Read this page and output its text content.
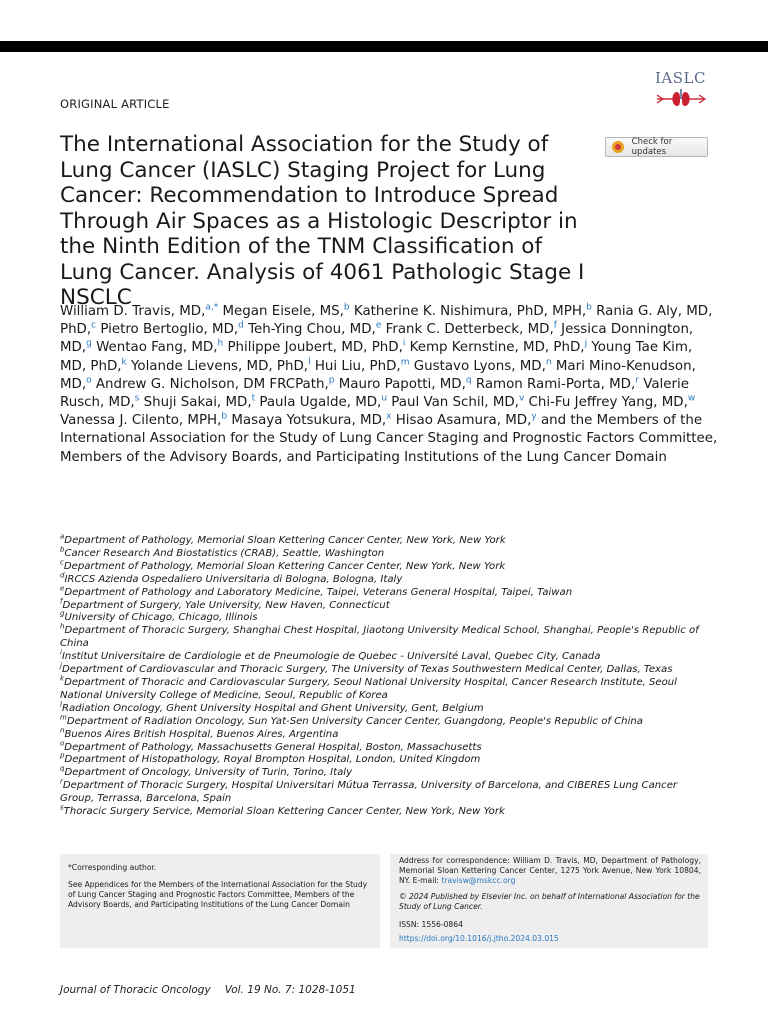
ORIGINAL ARTICLE
IASLC
The International Association for the Study of Lung Cancer (IASLC) Staging Project for Lung Cancer: Recommendation to Introduce Spread Through Air Spaces as a Histologic Descriptor in the Ninth Edition of the TNM Classification of Lung Cancer. Analysis of 4061 Pathologic Stage I NSCLC
Check for updates
William D. Travis, MD,$^{a,*}$ Megan Eisele, MS,$^b$ Katherine K. Nishimura, PhD, MPH,$^b$ Rania G. Aly, MD, PhD,$^c$ Pietro Bertoglio, MD,$^d$ Teh-Ying Chou, MD,$^e$ Frank C. Detterbeck, MD,$^f$ Jessica Donnington, MD,$^g$ Wentao Fang, MD,$^h$ Philippe Joubert, MD, PhD,$^i$ Kemp Kernstine, MD, PhD,$^j$ Young Tae Kim, MD, PhD,$^k$ Yolande Lievens, MD, PhD,$^l$ Hui Liu, PhD,$^m$ Gustavo Lyons, MD,$^n$ Mari Mino-Kenudson, MD,$^o$ Andrew G. Nicholson, DM FRCPath,$^p$ Mauro Papotti, MD,$^q$ Ramon Rami-Porta, MD,$^r$ Valerie Rusch, MD,$^s$ Shuji Sakai, MD,$^t$ Paula Ugalde, MD,$^u$ Paul Van Schil, MD,$^v$ Chi-Fu Jeffrey Yang, MD,$^w$ Vanessa J. Cilento, MPH,$^b$ Masaya Yotsukura, MD,$^x$ Hisao Asamura, MD,$^y$ and the Members of the International Association for the Study of Lung Cancer Staging and Prognostic Factors Committee, Members of the Advisory Boards, and Participating Institutions of the Lung Cancer Domain
$^a$Department of Pathology, Memorial Sloan Kettering Cancer Center, New York, New York
$^b$Cancer Research And Biostatistics (CRAB), Seattle, Washington
$^c$Department of Pathology, Memorial Sloan Kettering Cancer Center, New York, New York
$^d$IRCCS Azienda Ospedaliero Universitaria di Bologna, Bologna, Italy
$^e$Department of Pathology and Laboratory Medicine, Taipei, Veterans General Hospital, Taipei, Taiwan
$^f$Department of Surgery, Yale University, New Haven, Connecticut
$^g$University of Chicago, Chicago, Illinois
$^h$Department of Thoracic Surgery, Shanghai Chest Hospital, Jiaotong University Medical School, Shanghai, People's Republic of China
$^i$Institut Universitaire de Cardiologie et de Pneumologie de Quebec - Université Laval, Quebec City, Canada
$^j$Department of Cardiovascular and Thoracic Surgery, The University of Texas Southwestern Medical Center, Dallas, Texas
$^k$Department of Thoracic and Cardiovascular Surgery, Seoul National University Hospital, Cancer Research Institute, Seoul National University College of Medicine, Seoul, Republic of Korea
$^l$Radiation Oncology, Ghent University Hospital and Ghent University, Gent, Belgium
$^m$Department of Radiation Oncology, Sun Yat-Sen University Cancer Center, Guangdong, People's Republic of China
$^n$Buenos Aires British Hospital, Buenos Aires, Argentina
$^o$Department of Pathology, Massachusetts General Hospital, Boston, Massachusetts
$^p$Department of Histopathology, Royal Brompton Hospital, London, United Kingdom
$^q$Department of Oncology, University of Turin, Torino, Italy
$^r$Department of Thoracic Surgery, Hospital Universitari Mútua Terrassa, University of Barcelona, and CIBERES Lung Cancer Group, Terrassa, Barcelona, Spain
$^s$Thoracic Surgery Service, Memorial Sloan Kettering Cancer Center, New York, New York
*Corresponding author.
See Appendices for the Members of the International Association for the Study of Lung Cancer Staging and Prognostic Factors Committee, Members of the Advisory Boards, and Participating Institutions of the Lung Cancer Domain
Address for correspondence: William D. Travis, MD, Department of Pathology, Memorial Sloan Kettering Cancer Center, 1275 York Avenue, New York 10804, NY. E-mail: travisw@mskcc.org
© 2024 Published by Elsevier Inc. on behalf of International Association for the Study of Lung Cancer.
ISSN: 1556-0864
https://doi.org/10.1016/j.jtho.2024.03.015
Journal of Thoracic Oncology Vol. 19 No. 7: 1028-1051
